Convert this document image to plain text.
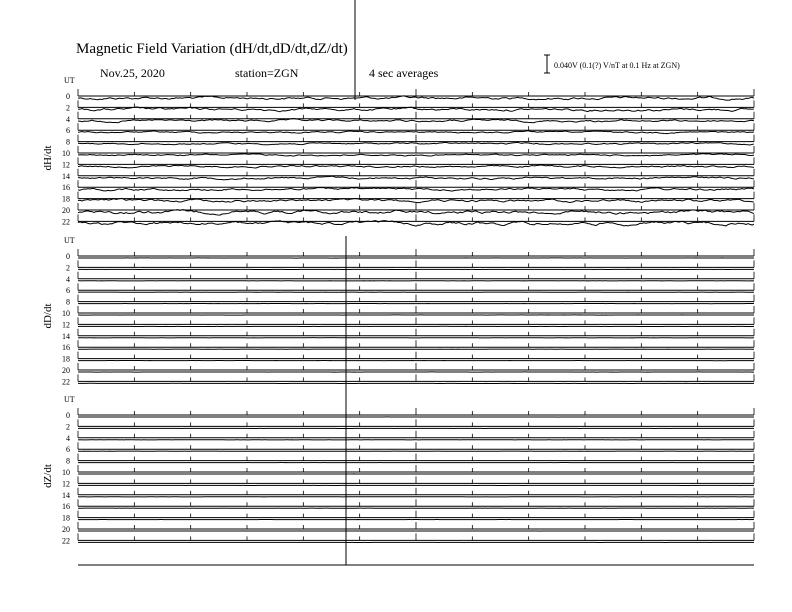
Magnetic Field Variation (dH/dt,dD/dt,dZ/dt)
Nov.25, 2020	station=ZGN	4 sec averages
0.040V (0.1(?) V/nT at 0.1 Hz at ZGN)
UT
dH/dt
0
2
4
6
8
10
12
14
16
18
20
22
UT
dD/dt
0
2
4
6
8
10
12
14
16
18
20
22
UT
dZ/dt
0
2
4
6
8
10
12
14
16
18
20
22
